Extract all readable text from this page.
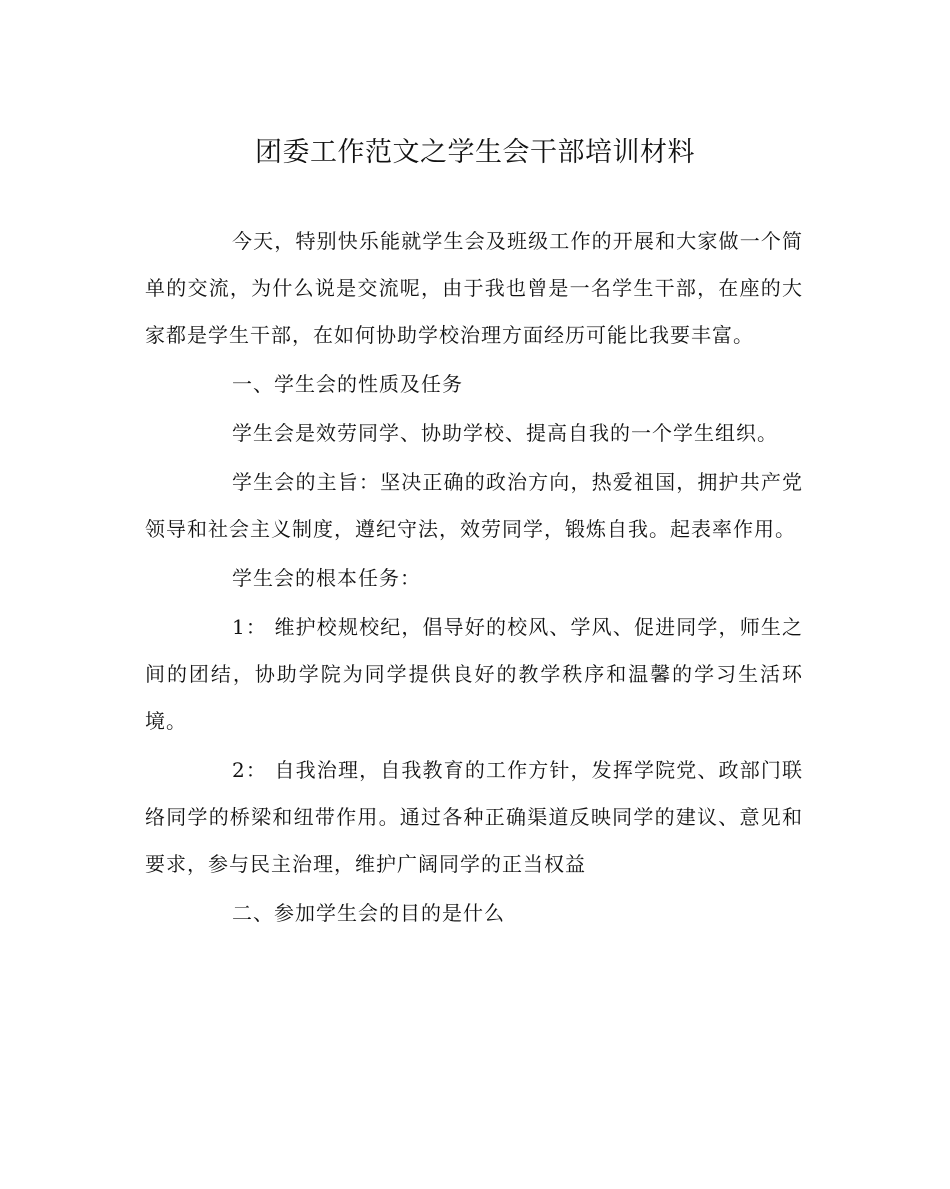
团委工作范文之学生会干部培训材料

今天，特别快乐能就学生会及班级工作的开展和大家做一个简单的交流，为什么说是交流呢，由于我也曾是一名学生干部，在座的大家都是学生干部，在如何协助学校治理方面经历可能比我要丰富。

一、学生会的性质及任务

学生会是效劳同学、协助学校、提高自我的一个学生组织。

学生会的主旨：坚决正确的政治方向，热爱祖国，拥护共产党领导和社会主义制度，遵纪守法，效劳同学，锻炼自我。起表率作用。

学生会的根本任务：

1： 维护校规校纪，倡导好的校风、学风、促进同学，师生之间的团结，协助学院为同学提供良好的教学秩序和温馨的学习生活环境。

2： 自我治理，自我教育的工作方针，发挥学院党、政部门联络同学的桥梁和纽带作用。通过各种正确渠道反映同学的建议、意见和要求，参与民主治理，维护广阔同学的正当权益

二、参加学生会的目的是什么
